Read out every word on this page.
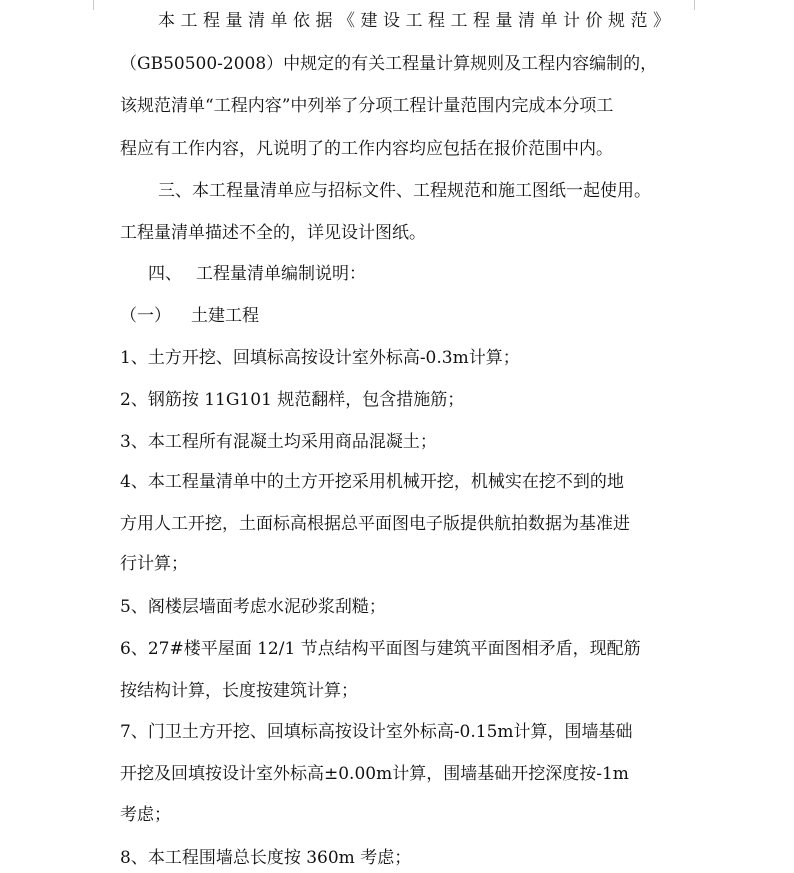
本工程量清单依据《建设工程工程量清单计价规范》
（GB50500-2008）中规定的有关工程量计算规则及工程内容编制的，
该规范清单“工程内容”中列举了分项工程计量范围内完成本分项工
程应有工作内容，凡说明了的工作内容均应包括在报价范围中内。
三、本工程量清单应与招标文件、工程规范和施工图纸一起使用。
工程量清单描述不全的，详见设计图纸。
四、 工程量清单编制说明：
（一） 土建工程
1、土方开挖、回填标高按设计室外标高-0.3m计算；
2、钢筋按 11G101 规范翻样，包含措施筋；
3、本工程所有混凝土均采用商品混凝土；
4、本工程量清单中的土方开挖采用机械开挖，机械实在挖不到的地
方用人工开挖，土面标高根据总平面图电子版提供航拍数据为基准进
行计算；
5、阁楼层墙面考虑水泥砂浆刮糙；
6、27#楼平屋面 12/1 节点结构平面图与建筑平面图相矛盾，现配筋
按结构计算，长度按建筑计算；
7、门卫土方开挖、回填标高按设计室外标高-0.15m计算，围墙基础
开挖及回填按设计室外标高±0.00m计算，围墙基础开挖深度按-1m
考虑；
8、本工程围墙总长度按 360m 考虑；
